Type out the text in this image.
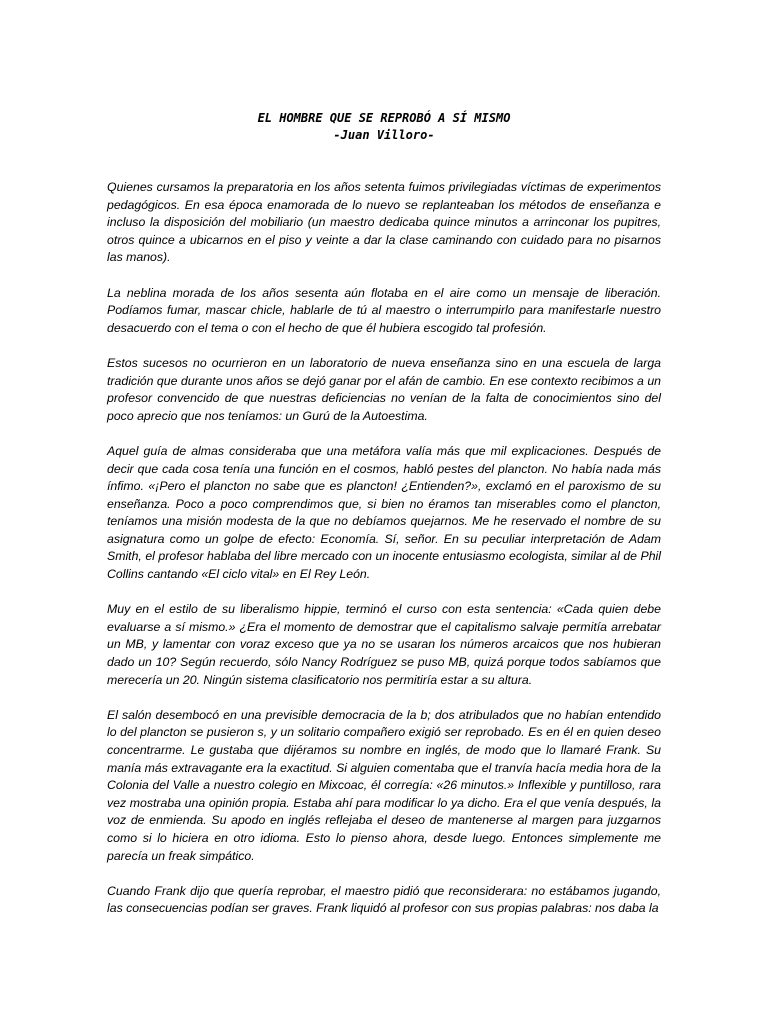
EL HOMBRE QUE SE REPROBÓ A SÍ MISMO

-Juan Villoro-

Quienes cursamos la preparatoria en los años setenta fuimos privilegiadas víctimas de experimentos pedagógicos. En esa época enamorada de lo nuevo se replanteaban los métodos de enseñanza e incluso la disposición del mobiliario (un maestro dedicaba quince minutos a arrinconar los pupitres, otros quince a ubicarnos en el piso y veinte a dar la clase caminando con cuidado para no pisarnos las manos).

La neblina morada de los años sesenta aún flotaba en el aire como un mensaje de liberación. Podíamos fumar, mascar chicle, hablarle de tú al maestro o interrumpirlo para manifestarle nuestro desacuerdo con el tema o con el hecho de que él hubiera escogido tal profesión.

Estos sucesos no ocurrieron en un laboratorio de nueva enseñanza sino en una escuela de larga tradición que durante unos años se dejó ganar por el afán de cambio. En ese contexto recibimos a un profesor convencido de que nuestras deficiencias no venían de la falta de conocimientos sino del poco aprecio que nos teníamos: un Gurú de la Autoestima.

Aquel guía de almas consideraba que una metáfora valía más que mil explicaciones. Después de decir que cada cosa tenía una función en el cosmos, habló pestes del plancton. No había nada más ínfimo. «¡Pero el plancton no sabe que es plancton! ¿Entienden?», exclamó en el paroxismo de su enseñanza. Poco a poco comprendimos que, si bien no éramos tan miserables como el plancton, teníamos una misión modesta de la que no debíamos quejarnos. Me he reservado el nombre de su asignatura como un golpe de efecto: Economía. Sí, señor. En su peculiar interpretación de Adam Smith, el profesor hablaba del libre mercado con un inocente entusiasmo ecologista, similar al de Phil Collins cantando «El ciclo vital» en El Rey León.

Muy en el estilo de su liberalismo hippie, terminó el curso con esta sentencia: «Cada quien debe evaluarse a sí mismo.» ¿Era el momento de demostrar que el capitalismo salvaje permitía arrebatar un MB, y lamentar con voraz exceso que ya no se usaran los números arcaicos que nos hubieran dado un 10? Según recuerdo, sólo Nancy Rodríguez se puso MB, quizá porque todos sabíamos que merecería un 20. Ningún sistema clasificatorio nos permitiría estar a su altura.

El salón desembocó en una previsible democracia de la b; dos atribulados que no habían entendido lo del plancton se pusieron s, y un solitario compañero exigió ser reprobado. Es en él en quien deseo concentrarme. Le gustaba que dijéramos su nombre en inglés, de modo que lo llamaré Frank. Su manía más extravagante era la exactitud. Si alguien comentaba que el tranvía hacía media hora de la Colonia del Valle a nuestro colegio en Mixcoac, él corregía: «26 minutos.» Inflexible y puntilloso, rara vez mostraba una opinión propia. Estaba ahí para modificar lo ya dicho. Era el que venía después, la voz de enmienda. Su apodo en inglés reflejaba el deseo de mantenerse al margen para juzgarnos como si lo hiciera en otro idioma. Esto lo pienso ahora, desde luego. Entonces simplemente me parecía un freak simpático.

Cuando Frank dijo que quería reprobar, el maestro pidió que reconsiderara: no estábamos jugando, las consecuencias podían ser graves. Frank liquidó al profesor con sus propias palabras: nos daba la
